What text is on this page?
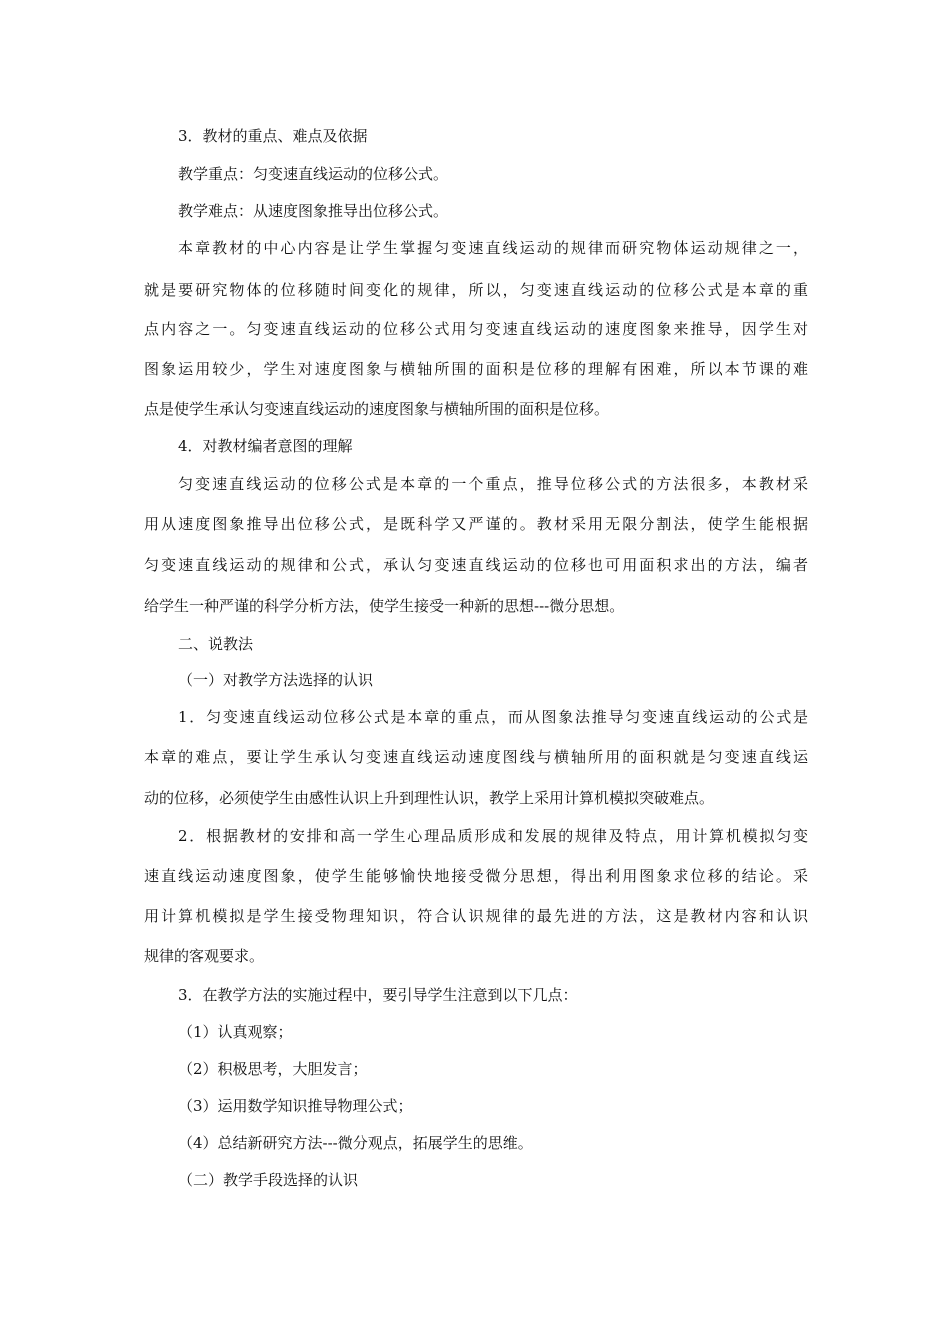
3．教材的重点、难点及依据
教学重点：匀变速直线运动的位移公式。
教学难点：从速度图象推导出位移公式。
本章教材的中心内容是让学生掌握匀变速直线运动的规律而研究物体运动规律之一，
就是要研究物体的位移随时间变化的规律，所以，匀变速直线运动的位移公式是本章的重
点内容之一。匀变速直线运动的位移公式用匀变速直线运动的速度图象来推导，因学生对
图象运用较少，学生对速度图象与横轴所围的面积是位移的理解有困难，所以本节课的难
点是使学生承认匀变速直线运动的速度图象与横轴所围的面积是位移。
4．对教材编者意图的理解
匀变速直线运动的位移公式是本章的一个重点，推导位移公式的方法很多，本教材采
用从速度图象推导出位移公式，是既科学又严谨的。教材采用无限分割法，使学生能根据
匀变速直线运动的规律和公式，承认匀变速直线运动的位移也可用面积求出的方法，编者
给学生一种严谨的科学分析方法，使学生接受一种新的思想---微分思想。
二、说教法
（一）对教学方法选择的认识
1．匀变速直线运动位移公式是本章的重点，而从图象法推导匀变速直线运动的公式是
本章的难点，要让学生承认匀变速直线运动速度图线与横轴所用的面积就是匀变速直线运
动的位移，必须使学生由感性认识上升到理性认识，教学上采用计算机模拟突破难点。
2．根据教材的安排和高一学生心理品质形成和发展的规律及特点，用计算机模拟匀变
速直线运动速度图象，使学生能够愉快地接受微分思想，得出利用图象求位移的结论。采
用计算机模拟是学生接受物理知识，符合认识规律的最先进的方法，这是教材内容和认识
规律的客观要求。
3．在教学方法的实施过程中，要引导学生注意到以下几点：
（1）认真观察；
（2）积极思考，大胆发言；
（3）运用数学知识推导物理公式；
（4）总结新研究方法---微分观点，拓展学生的思维。
（二）教学手段选择的认识
